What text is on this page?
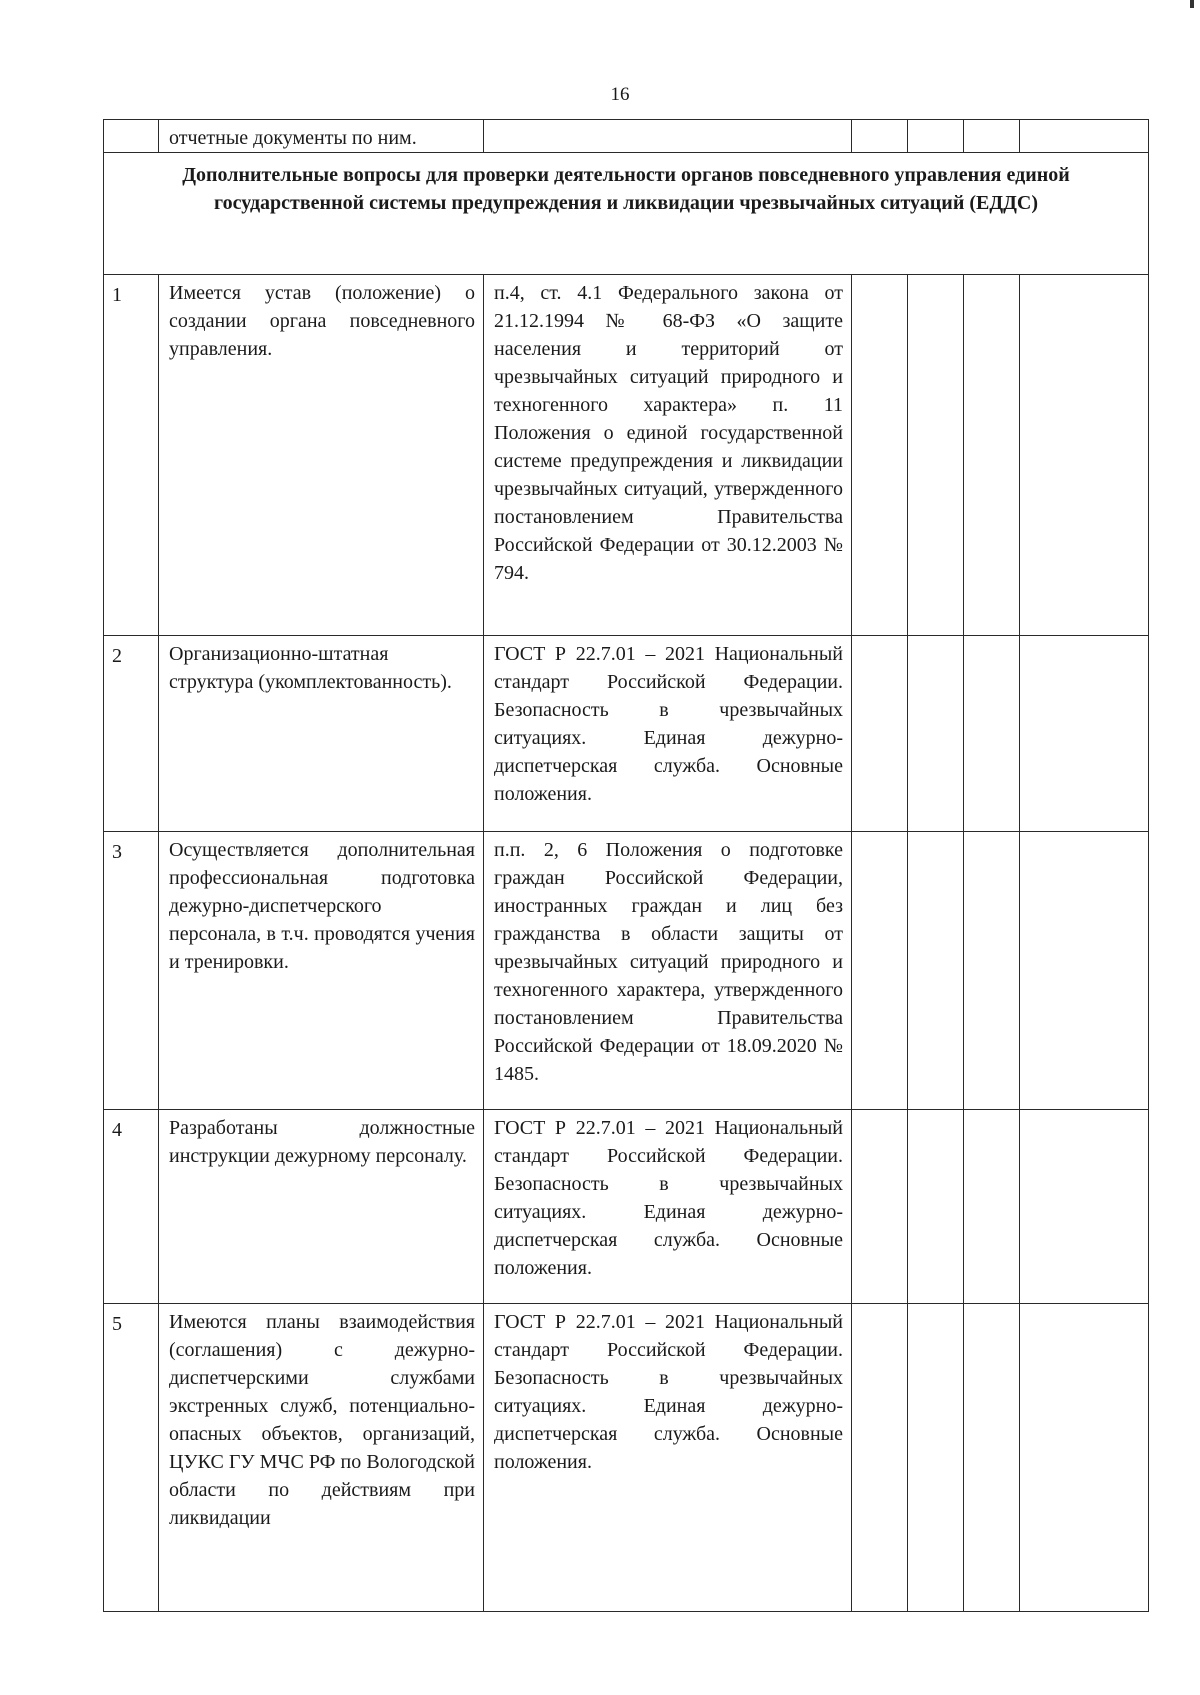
16
	отчетные документы по ним.					
Дополнительные вопросы для проверки деятельности органов повседневного управления единой государственной системы предупреждения и ликвидации чрезвычайных ситуаций (ЕДДС)						
1	Имеется устав (положение) о создании органа повседневного управления.	п.4, ст. 4.1 Федерального закона от 21.12.1994 № 68-ФЗ «О защите населения и территорий от чрезвычайных ситуаций природного и техногенного характера» п. 11 Положения о единой государственной системе предупреждения и ликвидации чрезвычайных ситуаций, утвержденного постановлением Правительства Российской Федерации от 30.12.2003 № 794.				
2	Организационно-штатная структура (укомплектованность).	ГОСТ Р 22.7.01 – 2021 Национальный стандарт Российской Федерации. Безопасность в чрезвычайных ситуациях. Единая дежурно-диспетчерская служба. Основные положения.				
3	Осуществляется дополнительная профессиональная подготовка дежурно-диспетчерского персонала, в т.ч. проводятся учения и тренировки.	п.п. 2, 6 Положения о подготовке граждан Российской Федерации, иностранных граждан и лиц без гражданства в области защиты от чрезвычайных ситуаций природного и техногенного характера, утвержденного постановлением Правительства Российской Федерации от 18.09.2020 № 1485.				
4	Разработаны должностные инструкции дежурному персоналу.	ГОСТ Р 22.7.01 – 2021 Национальный стандарт Российской Федерации. Безопасность в чрезвычайных ситуациях. Единая дежурно-диспетчерская служба. Основные положения.				
5	Имеются планы взаимодействия (соглашения) с дежурно-диспетчерскими службами экстренных служб, потенциально-опасных объектов, организаций, ЦУКС ГУ МЧС РФ по Вологодской области по действиям при ликвидации	ГОСТ Р 22.7.01 – 2021 Национальный стандарт Российской Федерации. Безопасность в чрезвычайных ситуациях. Единая дежурно-диспетчерская служба. Основные положения.				
